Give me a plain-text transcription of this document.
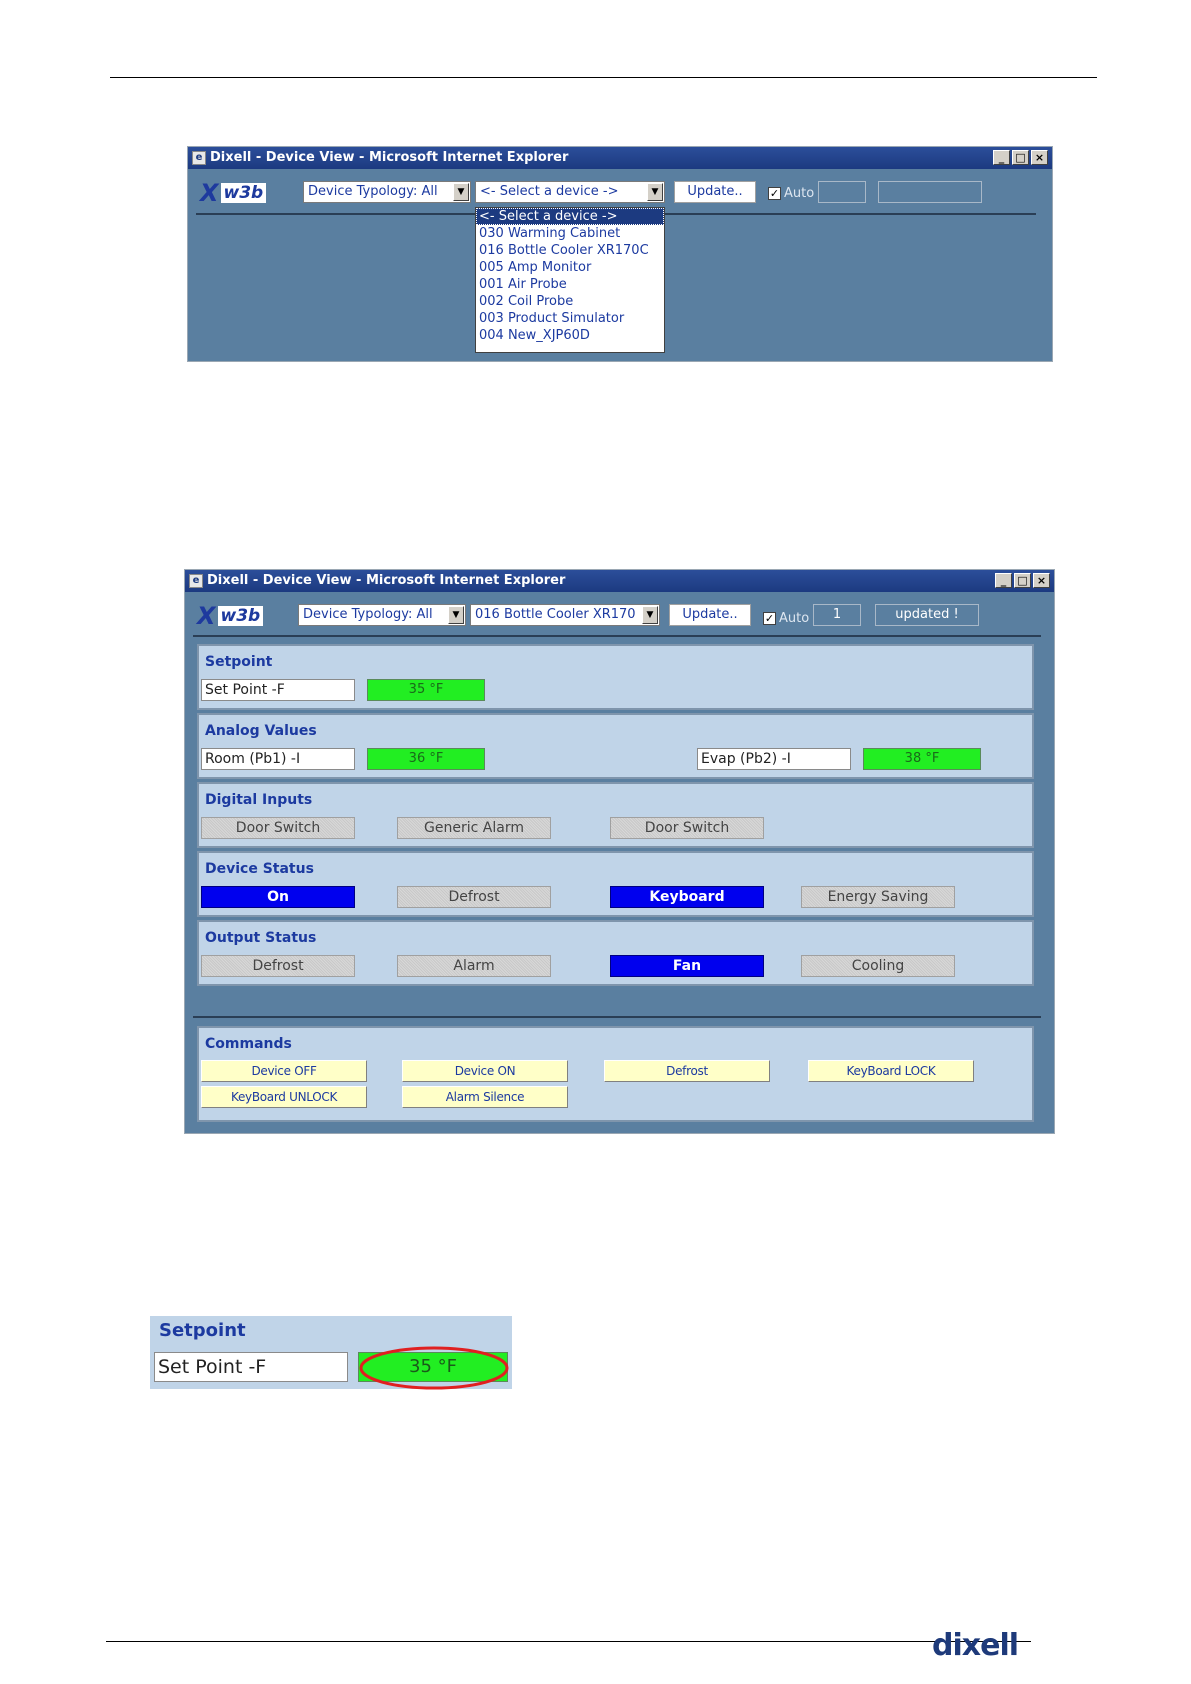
e Dixell - Device View - Microsoft Internet Explorer	_	□ ×
X w3b	Device Typology: All	▼	<- Select a device ->	▼	Update..	✓ Auto
<- Select a device ->
030 Warming Cabinet
016 Bottle Cooler XR170C
005 Amp Monitor
001 Air Probe
002 Coil Probe
003 Product Simulator
004 New_XJP60D
e Dixell - Device View - Microsoft Internet Explorer	_	□ ×
X w3b	Device Typology: All	▼	016 Bottle Cooler XR170	▼	Update..	✓ Auto	1	updated !
Setpoint
Set Point -F	35 °F
Analog Values
Room (Pb1) -I	36 °F	Evap (Pb2) -I	38 °F
Digital Inputs
Door Switch	Generic Alarm	Door Switch
Device Status
On	Defrost	Keyboard	Energy Saving
Output Status
Defrost	Alarm	Fan	Cooling
Commands
Device OFF	Device ON	Defrost	KeyBoard LOCK
KeyBoard UNLOCK	Alarm Silence
Setpoint
Set Point -F	35 °F
dixell
